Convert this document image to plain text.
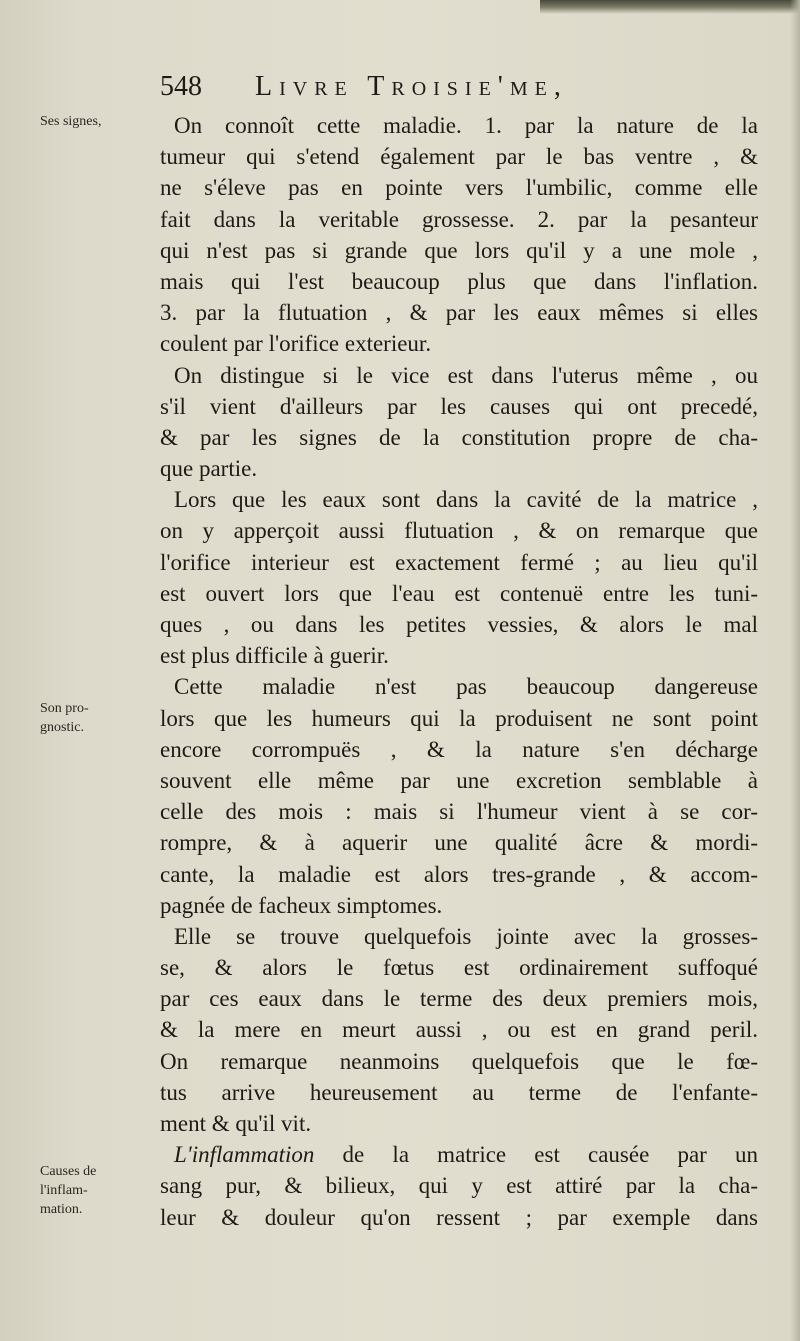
548 Livre Troisie'me,
Ses signes,
Son pro-
gnostic.
Causes de
l'inflam-
mation.
On connoît cette maladie. 1. par la nature de la
tumeur qui s'etend également par le bas ventre , &
ne s'éleve pas en pointe vers l'umbilic, comme elle
fait dans la veritable grossesse. 2. par la pesanteur
qui n'est pas si grande que lors qu'il y a une mole ,
mais qui l'est beaucoup plus que dans l'inflation.
3. par la flutuation , & par les eaux mêmes si elles
coulent par l'orifice exterieur.
On distingue si le vice est dans l'uterus même , ou
s'il vient d'ailleurs par les causes qui ont precedé,
& par les signes de la constitution propre de cha-
que partie.
Lors que les eaux sont dans la cavité de la matrice ,
on y apperçoit aussi flutuation , & on remarque que
l'orifice interieur est exactement fermé ; au lieu qu'il
est ouvert lors que l'eau est contenuë entre les tuni-
ques , ou dans les petites vessies, & alors le mal
est plus difficile à guerir.
Cette maladie n'est pas beaucoup dangereuse
lors que les humeurs qui la produisent ne sont point
encore corrompuës , & la nature s'en décharge
souvent elle même par une excretion semblable à
celle des mois : mais si l'humeur vient à se cor-
rompre, & à aquerir une qualité âcre & mordi-
cante, la maladie est alors tres-grande , & accom-
pagnée de facheux simptomes.
Elle se trouve quelquefois jointe avec la grosses-
se, & alors le fœtus est ordinairement suffoqué
par ces eaux dans le terme des deux premiers mois,
& la mere en meurt aussi , ou est en grand peril.
On remarque neanmoins quelquefois que le fœ-
tus arrive heureusement au terme de l'enfante-
ment & qu'il vit.
L'inflammation de la matrice est causée par un
sang pur, & bilieux, qui y est attiré par la cha-
leur & douleur qu'on ressent ; par exemple dans
